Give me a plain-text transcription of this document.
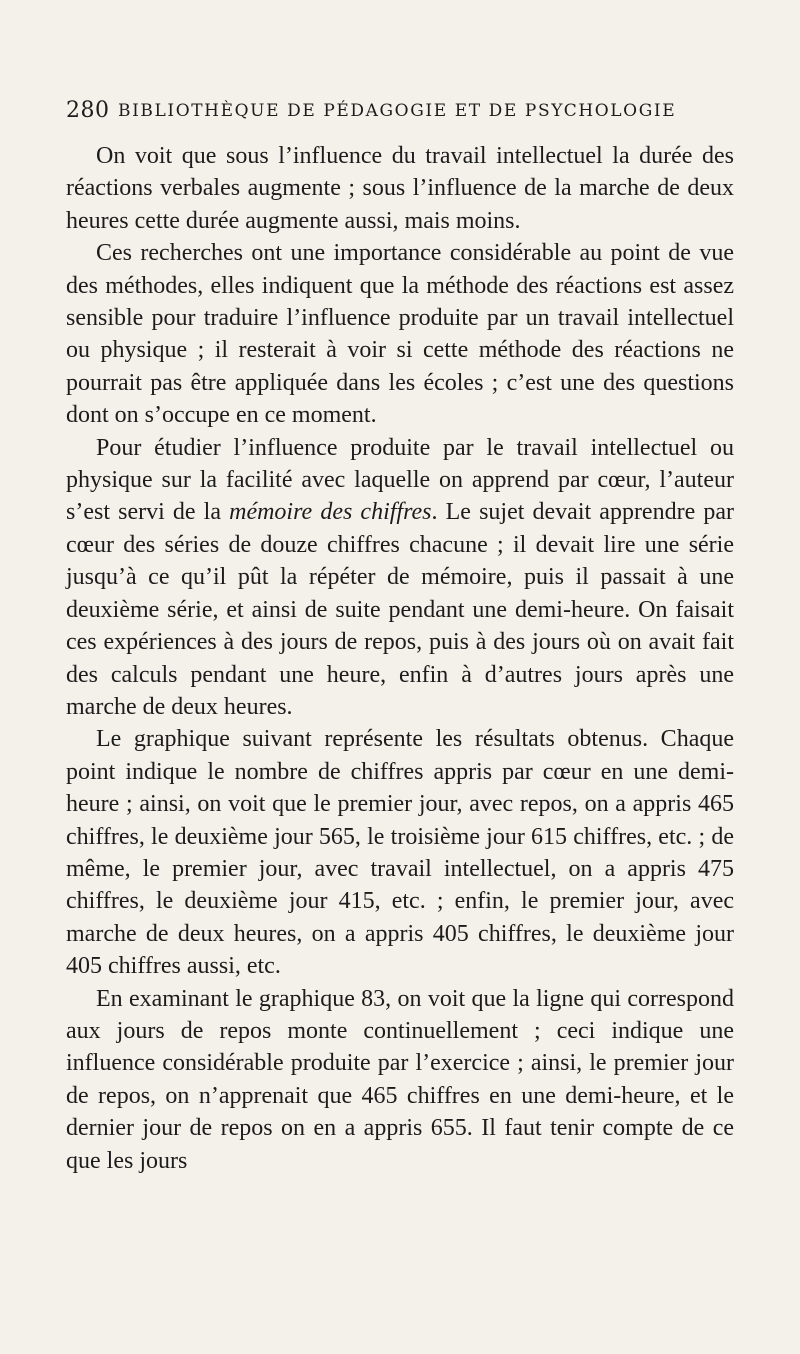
280 BIBLIOTHÈQUE DE PÉDAGOGIE ET DE PSYCHOLOGIE

On voit que sous l’influence du travail intellectuel la durée des réactions verbales augmente ; sous l’influence de la marche de deux heures cette durée augmente aussi, mais moins.

Ces recherches ont une importance considérable au point de vue des méthodes, elles indiquent que la méthode des réactions est assez sensible pour traduire l’influence produite par un travail intellectuel ou physique ; il resterait à voir si cette méthode des réactions ne pourrait pas être appliquée dans les écoles ; c’est une des questions dont on s’occupe en ce moment.

Pour étudier l’influence produite par le travail intellectuel ou physique sur la facilité avec laquelle on apprend par cœur, l’auteur s’est servi de la mémoire des chiffres. Le sujet devait apprendre par cœur des séries de douze chiffres chacune ; il devait lire une série jusqu’à ce qu’il pût la répéter de mémoire, puis il passait à une deuxième série, et ainsi de suite pendant une demi-heure. On faisait ces expériences à des jours de repos, puis à des jours où on avait fait des calculs pendant une heure, enfin à d’autres jours après une marche de deux heures.

Le graphique suivant représente les résultats obtenus. Chaque point indique le nombre de chiffres appris par cœur en une demi-heure ; ainsi, on voit que le premier jour, avec repos, on a appris 465 chiffres, le deuxième jour 565, le troisième jour 615 chiffres, etc. ; de même, le premier jour, avec travail intellectuel, on a appris 475 chiffres, le deuxième jour 415, etc. ; enfin, le premier jour, avec marche de deux heures, on a appris 405 chiffres, le deuxième jour 405 chiffres aussi, etc.

En examinant le graphique 83, on voit que la ligne qui correspond aux jours de repos monte continuellement ; ceci indique une influence considérable produite par l’exercice ; ainsi, le premier jour de repos, on n’apprenait que 465 chiffres en une demi-heure, et le dernier jour de repos on en a appris 655. Il faut tenir compte de ce que les jours
